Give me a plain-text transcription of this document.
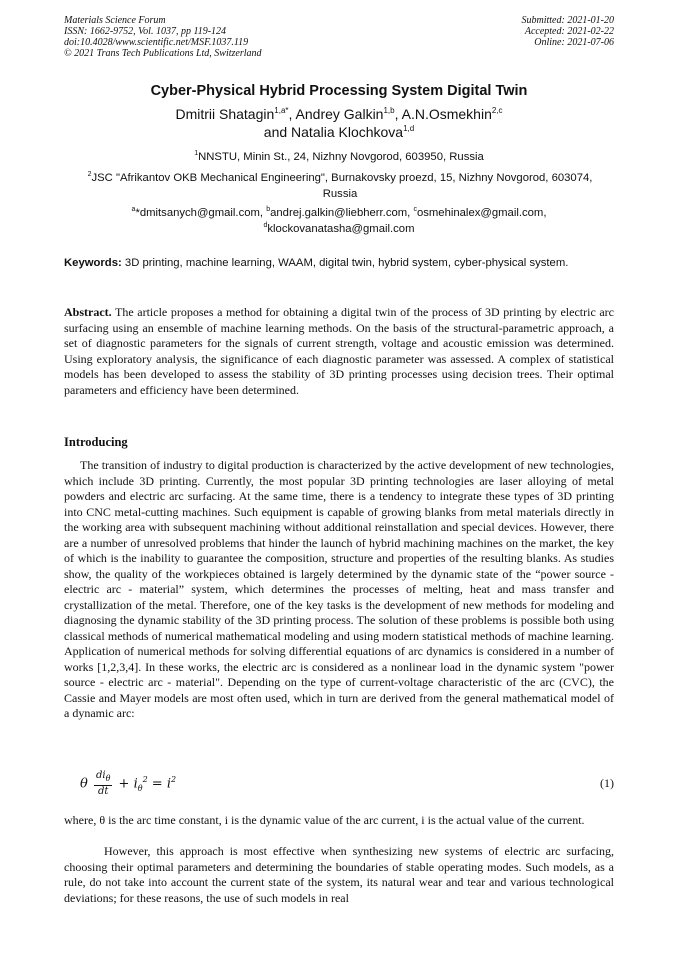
Materials Science Forum
ISSN: 1662-9752, Vol. 1037, pp 119-124
doi:10.4028/www.scientific.net/MSF.1037.119
© 2021 Trans Tech Publications Ltd, Switzerland
Submitted: 2021-01-20
Accepted: 2021-02-22
Online: 2021-07-06
Cyber-Physical Hybrid Processing System Digital Twin
Dmitrii Shatagin$^{1,a*}$, Andrey Galkin$^{1,b}$, A.N.Osmekhin$^{2,c}$
and Natalia Klochkova$^{1,d}$
$^1$NNSTU, Minin St., 24, Nizhny Novgorod, 603950, Russia
$^2$JSC "Afrikantov OKB Mechanical Engineering", Burnakovsky proezd, 15, Nizhny Novgorod, 603074, Russia
$^a$*dmitsanych@gmail.com, $^b$andrej.galkin@liebherr.com, $^c$osmehinalex@gmail.com, $^d$klockovanatasha@gmail.com
Keywords: 3D printing, machine learning, WAAM, digital twin, hybrid system, cyber-physical system.
Abstract. The article proposes a method for obtaining a digital twin of the process of 3D printing by electric arc surfacing using an ensemble of machine learning methods. On the basis of the structural-parametric approach, a set of diagnostic parameters for the signals of current strength, voltage and acoustic emission was determined. Using exploratory analysis, the significance of each diagnostic parameter was assessed. A complex of statistical models has been developed to assess the stability of 3D printing processes using decision trees. Their optimal parameters and efficiency have been determined.
Introducing
The transition of industry to digital production is characterized by the active development of new technologies, which include 3D printing. Currently, the most popular 3D printing technologies are laser alloying of metal powders and electric arc surfacing. At the same time, there is a tendency to integrate these types of 3D printing into CNC metal-cutting machines. Such equipment is capable of growing blanks from metal materials directly in the working area with subsequent machining without additional reinstallation and special devices. However, there are a number of unresolved problems that hinder the launch of hybrid machining machines on the market, the key of which is the inability to guarantee the composition, structure and properties of the resulting blanks. As studies show, the quality of the workpieces obtained is largely determined by the dynamic state of the “power source - electric arc - material” system, which determines the processes of melting, heat and mass transfer and crystallization of the metal. Therefore, one of the key tasks is the development of new methods for modeling and diagnosing the dynamic stability of the 3D printing process. The solution of these problems is possible both using classical methods of numerical mathematical modeling and using modern statistical methods of machine learning. Application of numerical methods for solving differential equations of arc dynamics is considered in a number of works [1,2,3,4]. In these works, the electric arc is considered as a nonlinear load in the dynamic system "power source - electric arc - material". Depending on the type of current-voltage characteristic of the arc (CVC), the Cassie and Mayer models are most often used, which in turn are derived from the general mathematical model of a dynamic arc:
θ $\frac{di_\theta}{dt} + i_\theta^2 = i^2$	(1)
where, θ is the arc time constant, i is the dynamic value of the arc current, i is the actual value of the current.
However, this approach is most effective when synthesizing new systems of electric arc surfacing, choosing their optimal parameters and determining the boundaries of stable operating modes. Such models, as a rule, do not take into account the current state of the system, its natural wear and tear and various technological deviations; for these reasons, the use of such models in real
